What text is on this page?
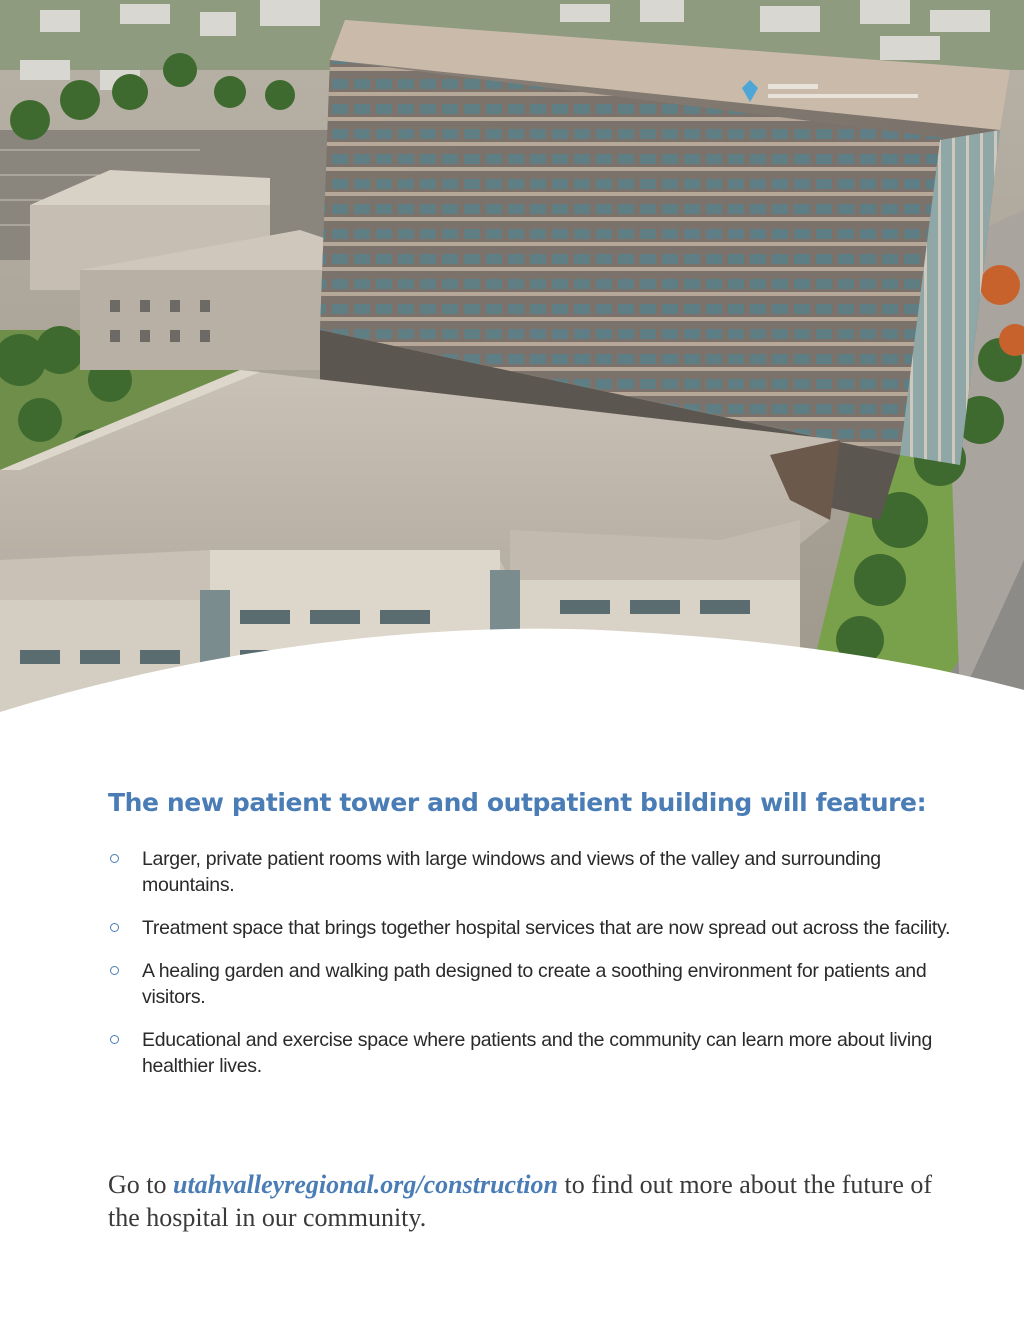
The new patient tower and outpatient building will feature:
Larger, private patient rooms with large windows and views of the valley and surrounding mountains.
Treatment space that brings together hospital services that are now spread out across the facility.
A healing garden and walking path designed to create a soothing environment for patients and visitors.
Educational and exercise space where patients and the community can learn more about living healthier lives.

Go to utahvalleyregional.org/construction to find out more about the future of the hospital in our community.
